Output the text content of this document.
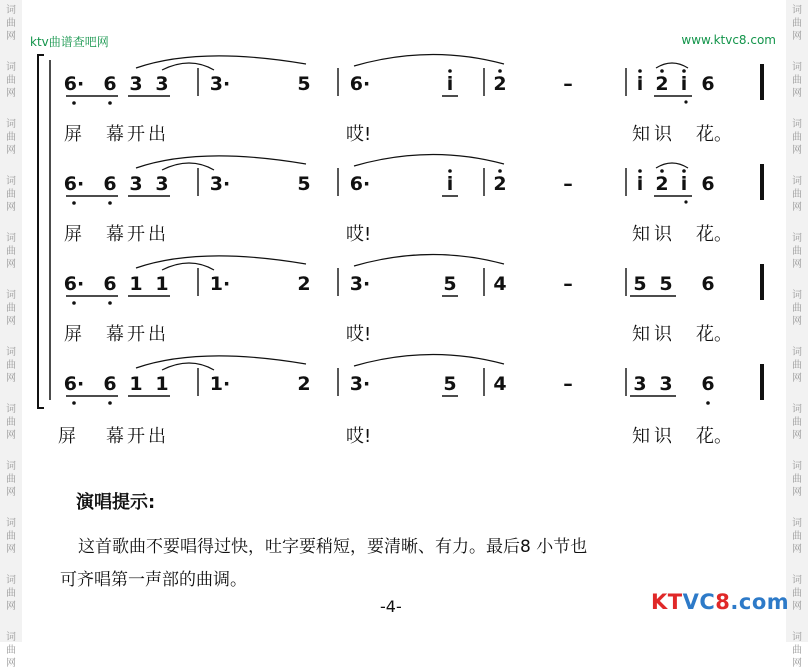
词
曲
网
词
曲
网
词
曲
网
词
曲
网
词
曲
网
词
曲
网
词
曲
网
词
曲
网
词
曲
网
词
曲
网
词
曲
网
词
曲
网
词
曲
网
词
曲
网
词
曲
网
词
曲
网
词
曲
网
词
曲
网
词
曲
网
词
曲
网
词
曲
网
词
曲
网
词
曲
网
词
曲
网
ktv曲谱查吧网	www.ktvc8.com
6· 6 3 3 3·	5 6·	i 2	–	i 2 i 6
屏 幕开出	哎!	知识 花。
6· 6 3 3 3·	5 6·	i 2	–	i 2 i 6
屏 幕开出	哎!	知识 花。
6· 6 1 1 1·	2 3·	5 4	–	5 5 6
屏 幕开出	哎!	知识 花。
6· 6 1 1 1·	2 3·	5 4	–	3 3 6
屏 幕开出	哎!	知识 花。
演唱提示:
这首歌曲不要唱得过快，吐字要稍短，要清晰、有力。最后8 小节也
可齐唱第一声部的曲调。
-4-	KTVC8.com
